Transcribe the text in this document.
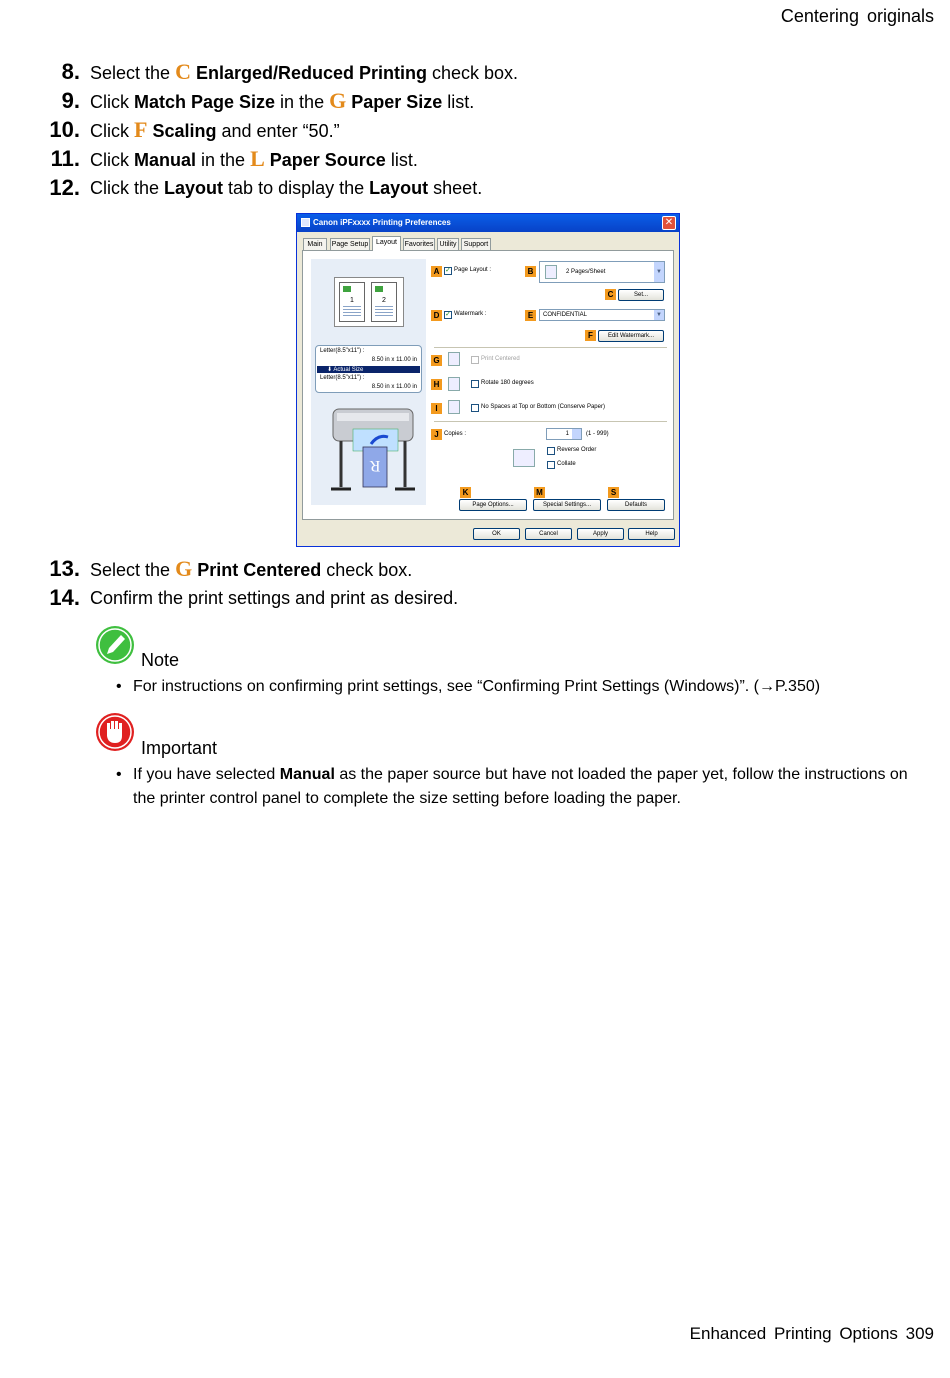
Centering originals
8. Select the C Enlarged/Reduced Printing check box.
9. Click Match Page Size in the G Paper Size list.
10. Click F Scaling and enter “50.”
11. Click Manual in the L Paper Source list.
12. Click the Layout tab to display the Layout sheet.
Canon iPFxxxx Printing Preferences	✕
Main	Page Setup	Layout	Favorites Utility	Support
1	2
Letter(8.5"x11") :
8.50 in x 11.00 in
⬇ Actual Size
Letter(8.5"x11") :
8.50 in x 11.00 in
R
A ✓ Page Layout :	B	2 Pages/Sheet	▼
C	Set...
D ✓ Watermark :	E	CONFIDENTIAL	▼
F	Edit Watermark...
G	Print Centered
H	Rotate 180 degrees
I	No Spaces at Top or Bottom (Conserve Paper)
J Copies :	1	(1 - 999)
Reverse Order
Collate
K	M	S
Page Options...	Special Settings...	Defaults
OK	Cancel	Apply	Help
13. Select the G Print Centered check box.
14. Confirm the print settings and print as desired.
Note
• For instructions on confirming print settings, see “Confirming Print Settings (Windows)”. (→P.350)
Important
• If you have selected Manual as the paper source but have not loaded the paper yet, follow the instructions on the printer control panel to complete the size setting before loading the paper.
Enhanced Printing Options 309
